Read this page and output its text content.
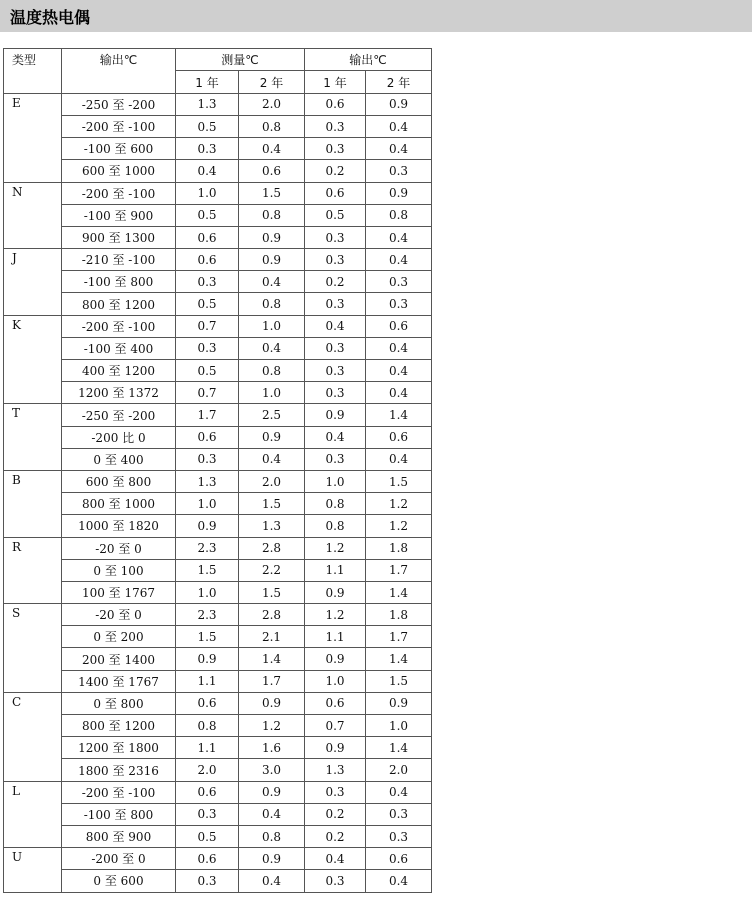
温度热电偶
类型	输出℃	测量℃		输出℃	
		1 年	2 年	1 年	2 年
E	-250 至 -200	1.3	2.0	0.6	0.9
	-200 至 -100	0.5	0.8	0.3	0.4
	-100 至 600	0.3	0.4	0.3	0.4
	600 至 1000	0.4	0.6	0.2	0.3
N	-200 至 -100	1.0	1.5	0.6	0.9
	-100 至 900	0.5	0.8	0.5	0.8
	900 至 1300	0.6	0.9	0.3	0.4
J	-210 至 -100	0.6	0.9	0.3	0.4
	-100 至 800	0.3	0.4	0.2	0.3
	800 至 1200	0.5	0.8	0.3	0.3
K	-200 至 -100	0.7	1.0	0.4	0.6
	-100 至 400	0.3	0.4	0.3	0.4
	400 至 1200	0.5	0.8	0.3	0.4
	1200 至 1372	0.7	1.0	0.3	0.4
T	-250 至 -200	1.7	2.5	0.9	1.4
	-200 比 0	0.6	0.9	0.4	0.6
	0 至 400	0.3	0.4	0.3	0.4
B	600 至 800	1.3	2.0	1.0	1.5
	800 至 1000	1.0	1.5	0.8	1.2
	1000 至 1820	0.9	1.3	0.8	1.2
R	-20 至 0	2.3	2.8	1.2	1.8
	0 至 100	1.5	2.2	1.1	1.7
	100 至 1767	1.0	1.5	0.9	1.4
S	-20 至 0	2.3	2.8	1.2	1.8
	0 至 200	1.5	2.1	1.1	1.7
	200 至 1400	0.9	1.4	0.9	1.4
	1400 至 1767	1.1	1.7	1.0	1.5
C	0 至 800	0.6	0.9	0.6	0.9
	800 至 1200	0.8	1.2	0.7	1.0
	1200 至 1800	1.1	1.6	0.9	1.4
	1800 至 2316	2.0	3.0	1.3	2.0
L	-200 至 -100	0.6	0.9	0.3	0.4
	-100 至 800	0.3	0.4	0.2	0.3
	800 至 900	0.5	0.8	0.2	0.3
U	-200 至 0	0.6	0.9	0.4	0.6
	0 至 600	0.3	0.4	0.3	0.4
